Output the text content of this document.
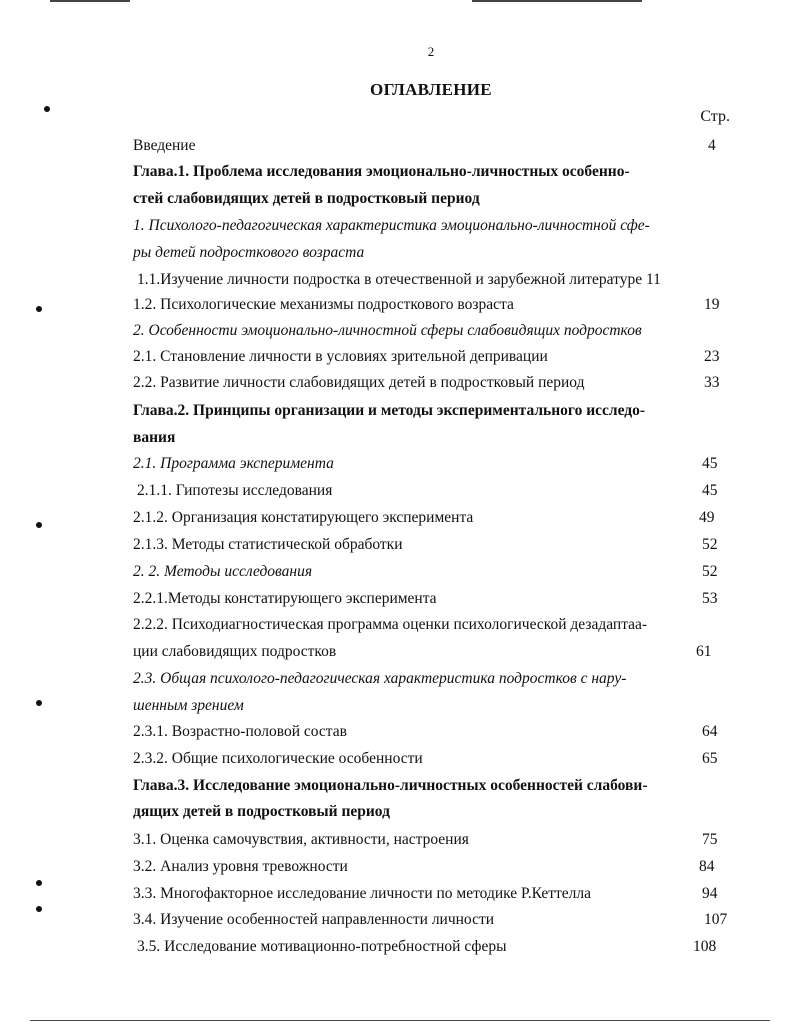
2
ОГЛАВЛЕНИЕ
Стр.
Введение	4
Глава.1. Проблема исследования эмоционально-личностных особенно-
стей слабовидящих детей в подростковый период
1. Психолого-педагогическая характеристика эмоционально-личностной сфе-
ры детей подросткового возраста
1.1.Изучение личности подростка в отечественной и зарубежной литературе 11
1.2. Психологические механизмы подросткового возраста	19
2. Особенности эмоционально-личностной сферы слабовидящих подростков
2.1. Становление личности в условиях зрительной депривации	23
2.2. Развитие личности слабовидящих детей в подростковый период	33
Глава.2. Принципы организации и методы экспериментального исследо-
вания
2.1. Программа эксперимента	45
2.1.1. Гипотезы исследования	45
2.1.2. Организация констатирующего эксперимента	49
2.1.3. Методы статистической обработки	52
2. 2. Методы исследования	52
2.2.1.Методы констатирующего эксперимента	53
2.2.2. Психодиагностическая программа оценки психологической дезадаптаа-
ции слабовидящих подростков	61
2.3. Общая психолого-педагогическая характеристика подростков с нару-
шенным зрением
2.3.1. Возрастно-половой состав	64
2.3.2. Общие психологические особенности	65
Глава.3. Исследование эмоционально-личностных особенностей слабови-
дящих детей в подростковый период
3.1. Оценка самочувствия, активности, настроения	75
3.2. Анализ уровня тревожности	84
3.3. Многофакторное исследование личности по методике Р.Кеттелла	94
3.4. Изучение особенностей направленности личности	107
3.5. Исследование мотивационно-потребностной сферы	108
